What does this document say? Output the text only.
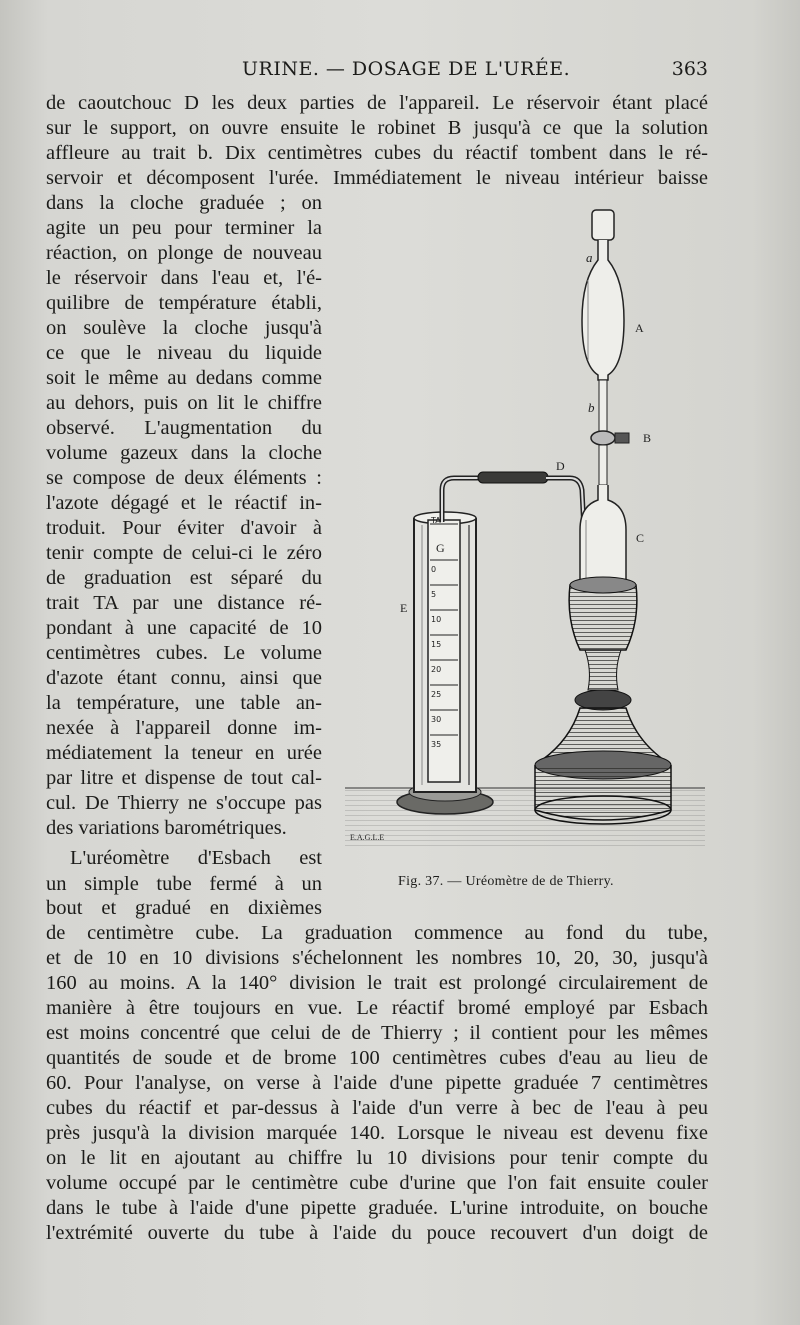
URINE. — DOSAGE DE L'URÉE.	363
de caoutchouc D les deux parties de l'appareil. Le réservoir étant placé
sur le support, on ouvre ensuite le robinet B jusqu'à ce que la solution
affleure au trait b. Dix centimètres cubes du réactif tombent dans le ré-
servoir et décomposent l'urée. Immédiatement le niveau intérieur baisse
dans la cloche graduée ; on
agite un peu pour terminer la
réaction, on plonge de nouveau
le réservoir dans l'eau et, l'é-
quilibre de température établi,
on soulève la cloche jusqu'à
ce que le niveau du liquide
soit le même au dedans comme
au dehors, puis on lit le chiffre
observé. L'augmentation du
volume gazeux dans la cloche
se compose de deux éléments :
l'azote dégagé et le réactif in-
troduit. Pour éviter d'avoir à
tenir compte de celui-ci le zéro
de graduation est séparé du
trait TA par une distance ré-
pondant à une capacité de 10
centimètres cubes. Le volume
d'azote étant connu, ainsi que
la température, une table an-
nexée à l'appareil donne im-
médiatement la teneur en urée
par litre et dispense de tout cal-
cul. De Thierry ne s'occupe pas
des variations barométriques.
L'uréomètre d'Esbach est
un simple tube fermé à un
bout et gradué en dixièmes
TA
0
5
10
15
20
25
30
35
a
b
A
B
D
C
E
G
E.A.G.L.E
Fig. 37. — Uréomètre de de Thierry.
de centimètre cube. La graduation commence au fond du tube,
et de 10 en 10 divisions s'échelonnent les nombres 10, 20, 30, jusqu'à
160 au moins. A la 140° division le trait est prolongé circulairement de
manière à être toujours en vue. Le réactif bromé employé par Esbach
est moins concentré que celui de de Thierry ; il contient pour les mêmes
quantités de soude et de brome 100 centimètres cubes d'eau au lieu de
60. Pour l'analyse, on verse à l'aide d'une pipette graduée 7 centimètres
cubes du réactif et par-dessus à l'aide d'un verre à bec de l'eau à peu
près jusqu'à la division marquée 140. Lorsque le niveau est devenu fixe
on le lit en ajoutant au chiffre lu 10 divisions pour tenir compte du
volume occupé par le centimètre cube d'urine que l'on fait ensuite couler
dans le tube à l'aide d'une pipette graduée. L'urine introduite, on bouche
l'extrémité ouverte du tube à l'aide du pouce recouvert d'un doigt de
